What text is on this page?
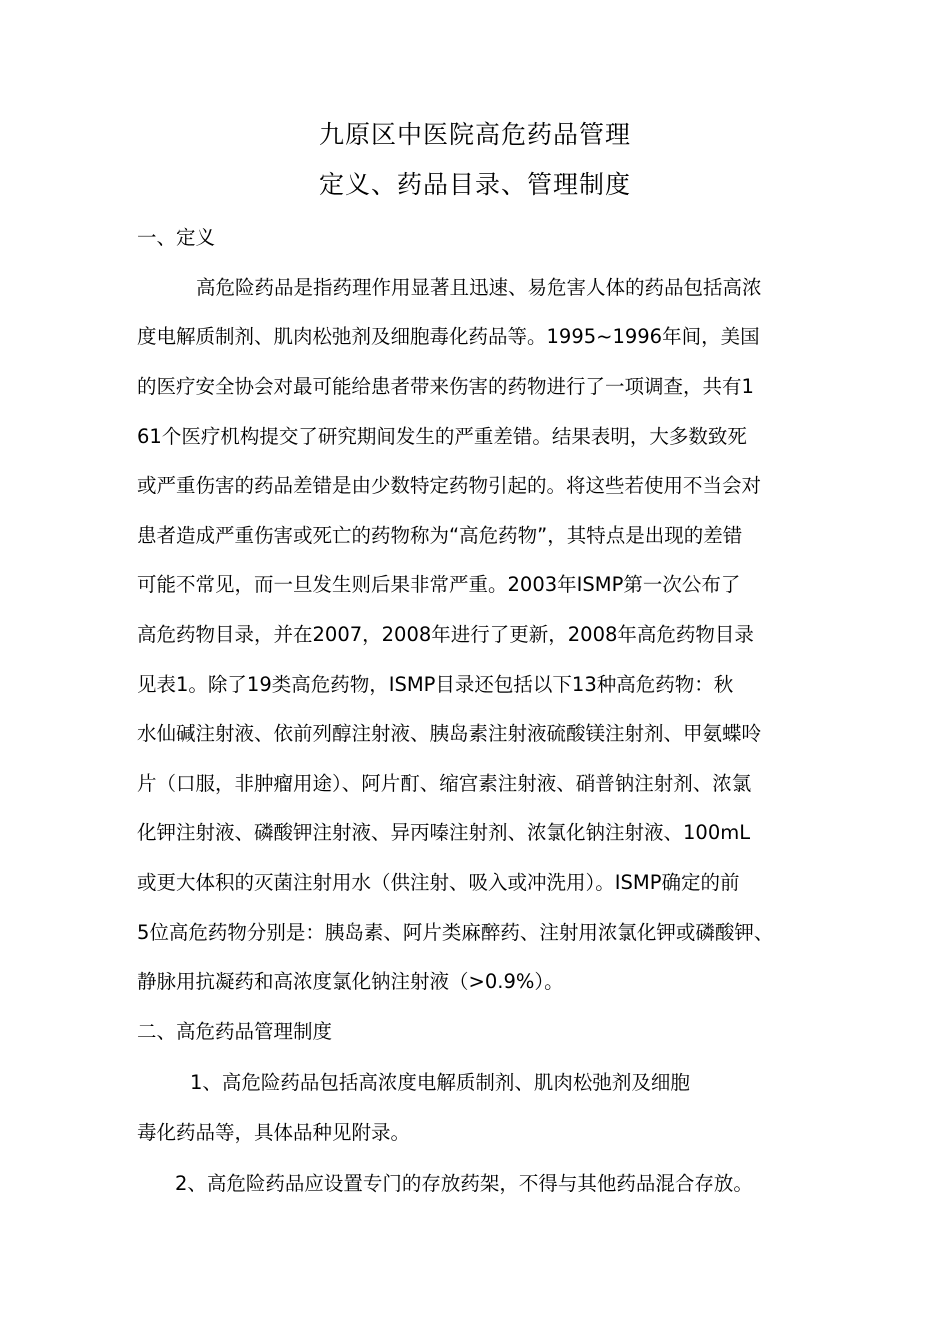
九原区中医院高危药品管理
定义、药品目录、管理制度
一、定义
高危险药品是指药理作用显著且迅速、易危害人体的药品包括高浓
度电解质制剂、肌肉松弛剂及细胞毒化药品等。1995~1996年间，美国
的医疗安全协会对最可能给患者带来伤害的药物进行了一项调查，共有1
61个医疗机构提交了研究期间发生的严重差错。结果表明，大多数致死
或严重伤害的药品差错是由少数特定药物引起的。将这些若使用不当会对
患者造成严重伤害或死亡的药物称为“高危药物”，其特点是出现的差错
可能不常见，而一旦发生则后果非常严重。2003年ISMP第一次公布了
高危药物目录，并在2007，2008年进行了更新，2008年高危药物目录
见表1。除了19类高危药物，ISMP目录还包括以下13种高危药物：秋
水仙碱注射液、依前列醇注射液、胰岛素注射液硫酸镁注射剂、甲氨蝶呤
片（口服，非肿瘤用途）、阿片酊、缩宫素注射液、硝普钠注射剂、浓氯
化钾注射液、磷酸钾注射液、异丙嗪注射剂、浓氯化钠注射液、100mL
或更大体积的灭菌注射用水（供注射、吸入或冲洗用）。ISMP确定的前
5位高危药物分别是：胰岛素、阿片类麻醉药、注射用浓氯化钾或磷酸钾、
静脉用抗凝药和高浓度氯化钠注射液（>0.9%）。
二、高危药品管理制度
1、高危险药品包括高浓度电解质制剂、肌肉松弛剂及细胞
毒化药品等，具体品种见附录。
2、高危险药品应设置专门的存放药架，不得与其他药品混合存放。
